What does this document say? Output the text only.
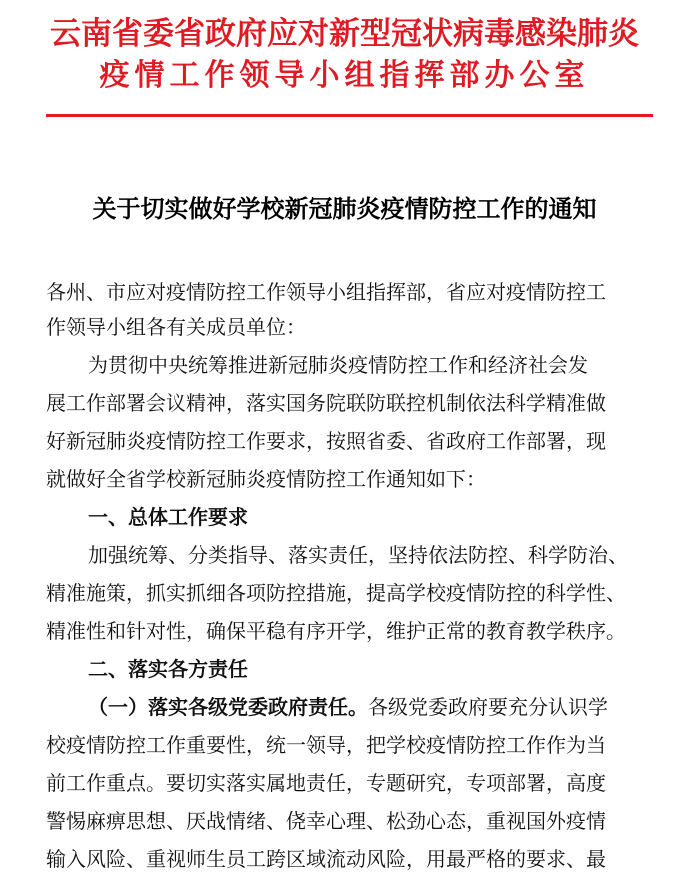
云南省委省政府应对新型冠状病毒感染肺炎
疫情工作领导小组指挥部办公室
关于切实做好学校新冠肺炎疫情防控工作的通知
各州、市应对疫情防控工作领导小组指挥部，省应对疫情防控工
作领导小组各有关成员单位：
为贯彻中央统筹推进新冠肺炎疫情防控工作和经济社会发
展工作部署会议精神，落实国务院联防联控机制依法科学精准做
好新冠肺炎疫情防控工作要求，按照省委、省政府工作部署，现
就做好全省学校新冠肺炎疫情防控工作通知如下：
一、总体工作要求
加强统筹、分类指导、落实责任，坚持依法防控、科学防治、
精准施策，抓实抓细各项防控措施，提高学校疫情防控的科学性、
精准性和针对性，确保平稳有序开学，维护正常的教育教学秩序。
二、落实各方责任
（一）落实各级党委政府责任。各级党委政府要充分认识学
校疫情防控工作重要性，统一领导，把学校疫情防控工作作为当
前工作重点。要切实落实属地责任，专题研究，专项部署，高度
警惕麻痹思想、厌战情绪、侥幸心理、松劲心态，重视国外疫情
输入风险、重视师生员工跨区域流动风险，用最严格的要求、最
